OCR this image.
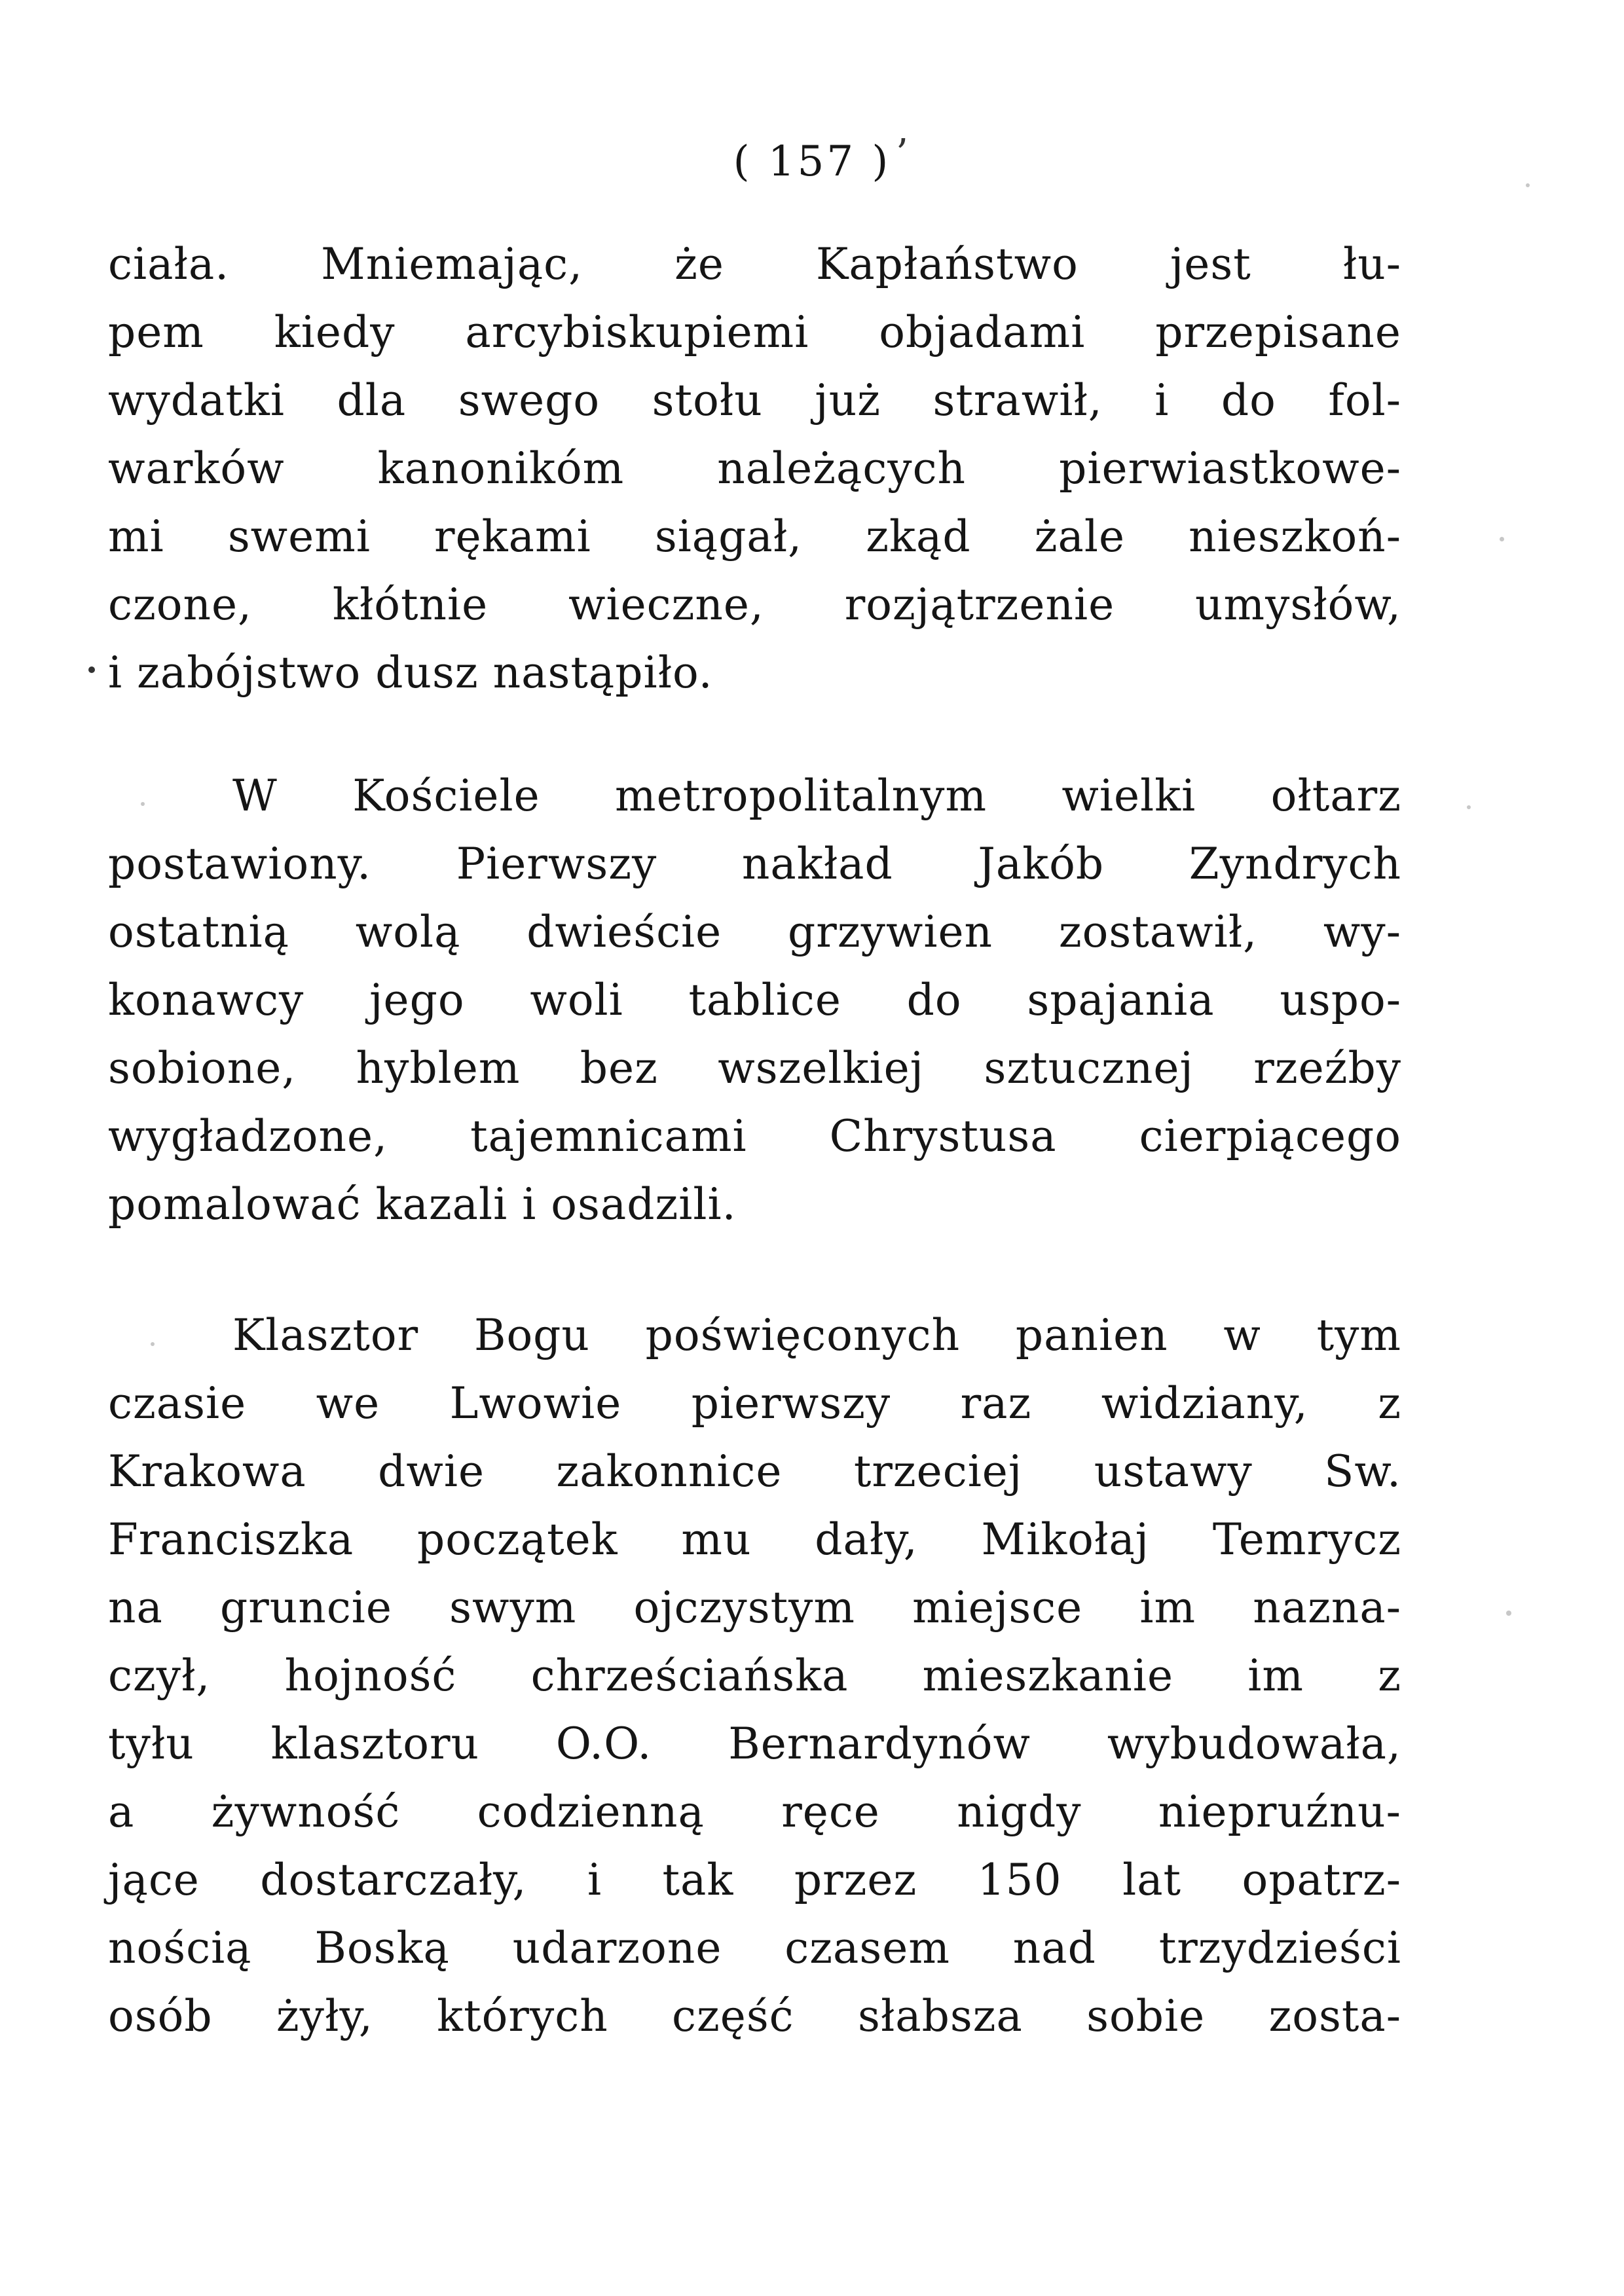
( 157 ) ’
ciała. Mniemając, że Kapłaństwo jest łu-
pem kiedy arcybiskupiemi objadami przepisane
wydatki dla swego stołu już strawił, i do fol-
warków kanonikóm należących pierwiastkowe-
mi swemi rękami siągał, zkąd żale nieszkoń-
czone, kłótnie wieczne, rozjątrzenie umysłów,
i zabójstwo dusz nastąpiło.
W Kościele metropolitalnym wielki ołtarz
postawiony. Pierwszy nakład Jakób Zyndrych
ostatnią wolą dwieście grzywien zostawił, wy-
konawcy jego woli tablice do spajania uspo-
sobione, hyblem bez wszelkiej sztucznej rzeźby
wygładzone, tajemnicami Chrystusa cierpiącego
pomalować kazali i osadzili.
Klasztor Bogu poświęconych panien w tym
czasie we Lwowie pierwszy raz widziany, z
Krakowa dwie zakonnice trzeciej ustawy Sw.
Franciszka początek mu dały, Mikołaj Temrycz
na gruncie swym ojczystym miejsce im nazna-
czył, hojność chrześciańska mieszkanie im z
tyłu klasztoru O.O. Bernardynów wybudowała,
a żywność codzienną ręce nigdy niepruźnu-
jące dostarczały, i tak przez 150 lat opatrz-
nością Boską udarzone czasem nad trzydzieści
osób żyły, których część słabsza sobie zosta-
